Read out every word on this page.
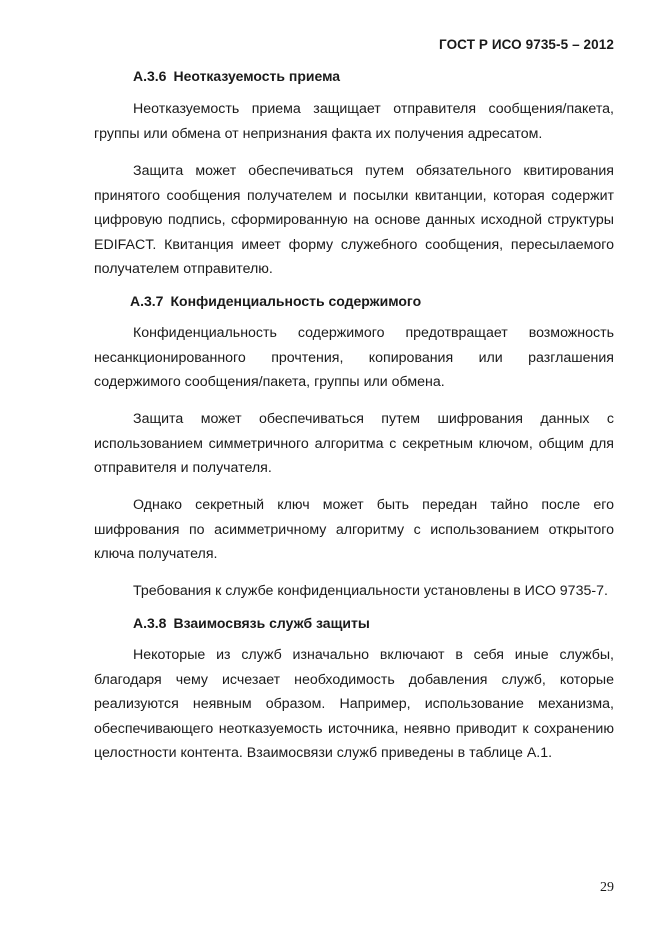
ГОСТ Р ИСО 9735-5 – 2012
А.3.6 Неотказуемость приема
Неотказуемость приема защищает отправителя сообщения/пакета, группы или обмена от непризнания факта их получения адресатом.
Защита может обеспечиваться путем обязательного квитирования принятого сообщения получателем и посылки квитанции, которая содержит цифровую подпись, сформированную на основе данных исходной структуры EDIFACT. Квитанция имеет форму служебного сообщения, пересылаемого получателем отправителю.
А.3.7 Конфиденциальность содержимого
Конфиденциальность содержимого предотвращает возможность несанкционированного прочтения, копирования или разглашения содержимого сообщения/пакета, группы или обмена.
Защита может обеспечиваться путем шифрования данных с использованием симметричного алгоритма с секретным ключом, общим для отправителя и получателя.
Однако секретный ключ может быть передан тайно после его шифрования по асимметричному алгоритму с использованием открытого ключа получателя.
Требования к службе конфиденциальности установлены в ИСО 9735-7.
А.3.8 Взаимосвязь служб защиты
Некоторые из служб изначально включают в себя иные службы, благодаря чему исчезает необходимость добавления служб, которые реализуются неявным образом. Например, использование механизма, обеспечивающего неотказуемость источника, неявно приводит к сохранению целостности контента. Взаимосвязи служб приведены в таблице А.1.
29
